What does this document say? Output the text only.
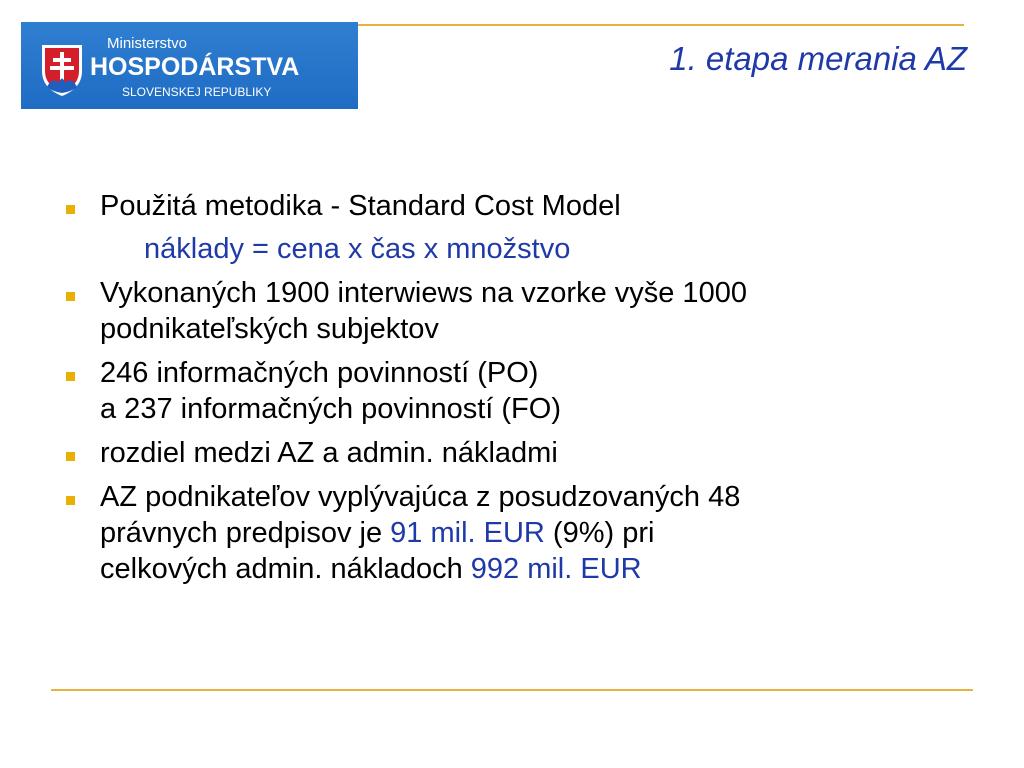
Ministerstvo
HOSPODÁRSTVA
SLOVENSKEJ REPUBLIKY
1. etapa merania AZ
Použitá metodika - Standard Cost Model
náklady = cena x čas x množstvo
Vykonaných 1900 interwiews na vzorke vyše 1000
podnikateľských subjektov
246 informačných povinností (PO)
a 237 informačných povinností (FO)
rozdiel medzi AZ a admin. nákladmi
AZ podnikateľov vyplývajúca z posudzovaných 48
právnych predpisov je 91 mil. EUR (9%) pri
celkových admin. nákladoch 992 mil. EUR
